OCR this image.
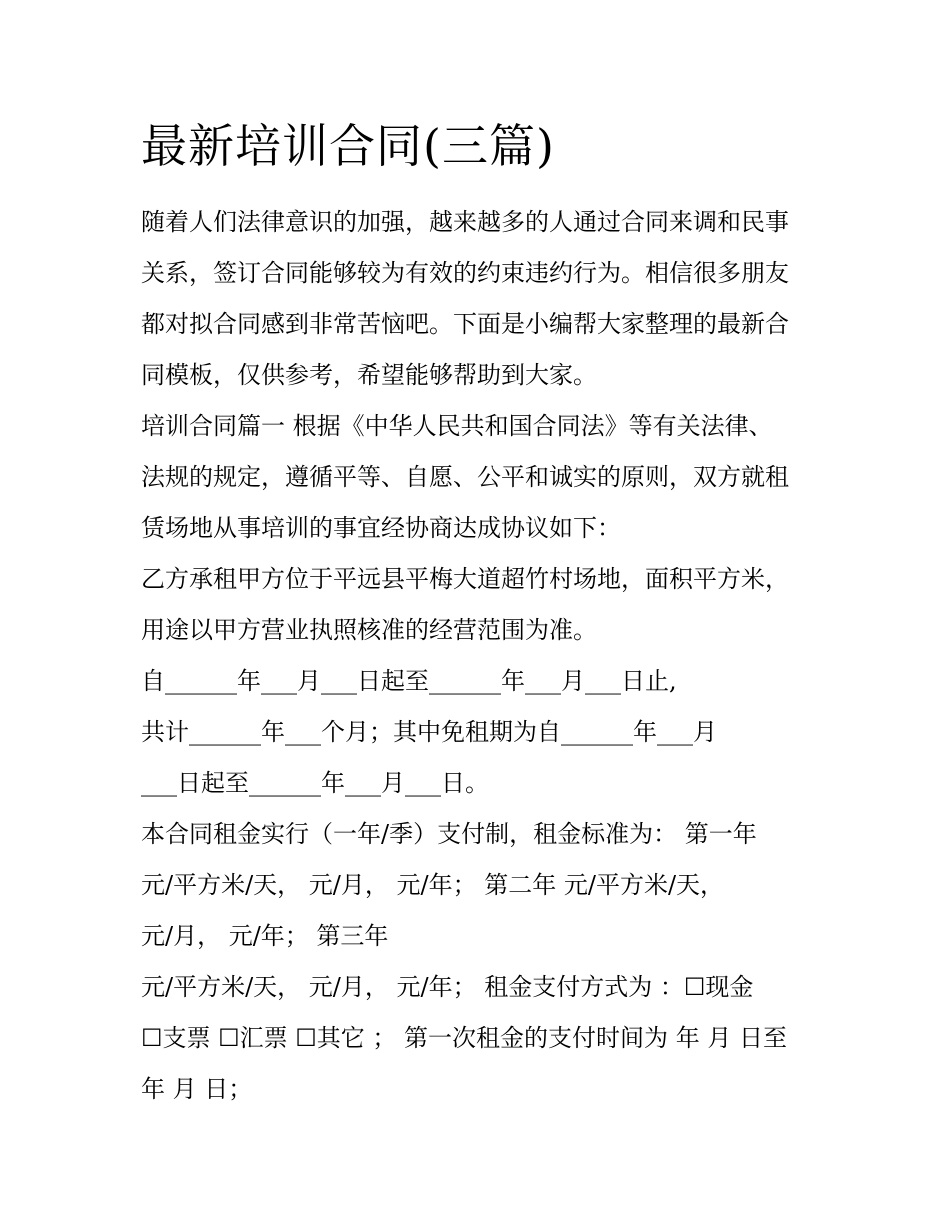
最新培训合同(三篇)

随着人们法律意识的加强，越来越多的人通过合同来调和民事

关系，签订合同能够较为有效的约束违约行为。相信很多朋友

都对拟合同感到非常苦恼吧。下面是小编帮大家整理的最新合

同模板，仅供参考，希望能够帮助到大家。

培训合同篇一 根据《中华人民共和国合同法》等有关法律、

法规的规定，遵循平等、自愿、公平和诚实的原则，双方就租

赁场地从事培训的事宜经协商达成协议如下：

乙方承租甲方位于平远县平梅大道超竹村场地，面积平方米，

用途以甲方营业执照核准的经营范围为准。

自______年___月___日起至______年___月___日止,

共计______年___个月；其中免租期为自______年___月

___日起至______年___月___日。

本合同租金实行（一年/季）支付制，租金标准为： 第一年

元/平方米/天， 元/月， 元/年； 第二年 元/平方米/天，

元/月， 元/年； 第三年

元/平方米/天， 元/月， 元/年； 租金支付方式为 ：☐现金

☐支票 ☐汇票 ☐其它 ； 第一次租金的支付时间为 年 月 日至

年 月 日；
